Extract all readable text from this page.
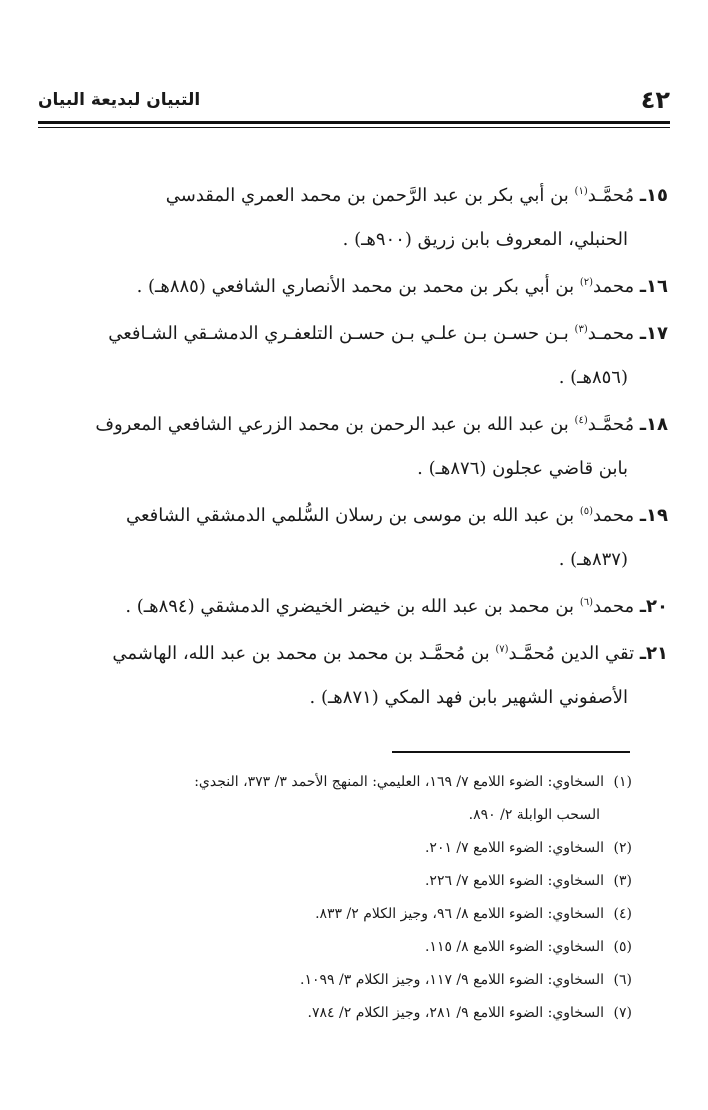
٤٢
التبيان لبديعة البيان
١٥ـ مُحمَّـد$^{(١)}$ بن أبي بكر بن عبد الرَّحمن بن محمد العمري المقدسي
الحنبلي، المعروف بابن زريق (٩٠٠هـ) .
١٦ـ محمد$^{(٢)}$ بن أبي بكر بن محمد بن محمد الأنصاري الشافعي (٨٨٥هـ) .
١٧ـ محمـد$^{(٣)}$ بـن حسـن بـن علـي بـن حسـن التلعفـري الدمشـقي الشـافعي
(٨٥٦هـ) .
١٨ـ مُحمَّـد$^{(٤)}$ بن عبد الله بن عبد الرحمن بن محمد الزرعي الشافعي المعروف
بابن قاضي عجلون (٨٧٦هـ) .
١٩ـ محمد$^{(٥)}$ بن عبد الله بن موسى بن رسلان السُّلمي الدمشقي الشافعي
(٨٣٧هـ) .
٢٠ـ محمد$^{(٦)}$ بن محمد بن عبد الله بن خيضر الخيضري الدمشقي (٨٩٤هـ) .
٢١ـ تقي الدين مُحمَّـد$^{(٧)}$ بن مُحمَّـد بن محمد بن محمد بن عبد الله، الهاشمي
الأصفوني الشهير بابن فهد المكي (٨٧١هـ) .
(١)السخاوي: الضوء اللامع ٧/ ١٦٩، العليمي: المنهج الأحمد ٣/ ٣٧٣، النجدي:
السحب الوابلة ٢/ ٨٩٠.
(٢)السخاوي: الضوء اللامع ٧/ ٢٠١.
(٣)السخاوي: الضوء اللامع ٧/ ٢٢٦.
(٤)السخاوي: الضوء اللامع ٨/ ٩٦، وجيز الكلام ٢/ ٨٣٣.
(٥)السخاوي: الضوء اللامع ٨/ ١١٥.
(٦)السخاوي: الضوء اللامع ٩/ ١١٧، وجيز الكلام ٣/ ١٠٩٩.
(٧)السخاوي: الضوء اللامع ٩/ ٢٨١، وجيز الكلام ٢/ ٧٨٤.
